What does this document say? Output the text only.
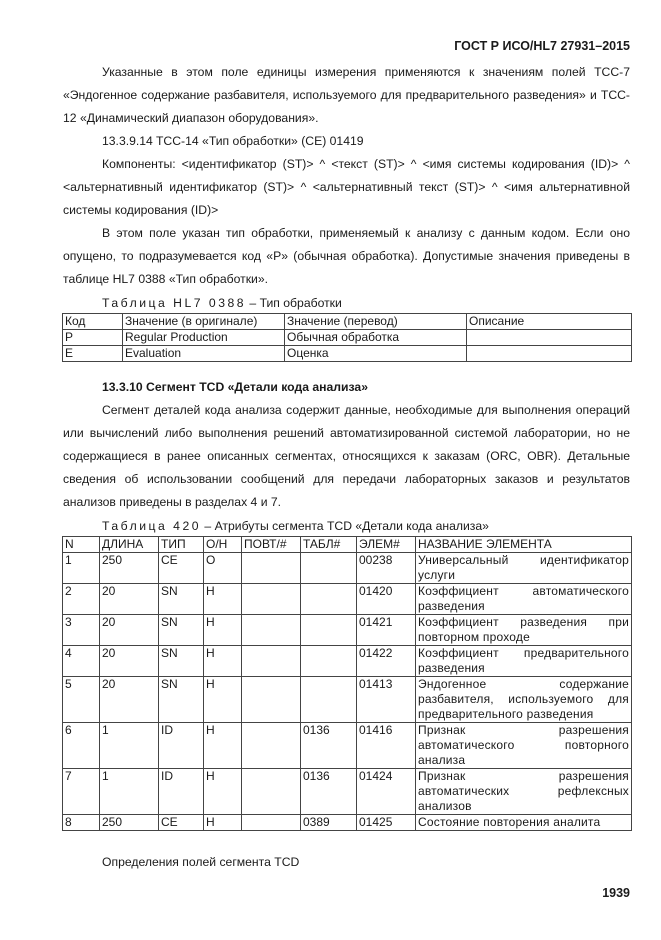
ГОСТ Р ИСО/HL7 27931–2015

Указанные в этом поле единицы измерения применяются к значениям полей TCC-7 «Эндогенное содержание разбавителя, используемого для предварительного разведения» и TCC-12 «Динамический диапазон оборудования».

13.3.9.14 TCC-14 «Тип обработки» (CE) 01419

Компоненты: <идентификатор (ST)> ^ <текст (ST)> ^ <имя системы кодирования (ID)> ^ <альтернативный идентификатор (ST)> ^ <альтернативный текст (ST)> ^ <имя альтернативной системы кодирования (ID)>

В этом поле указан тип обработки, применяемый к анализу с данным кодом. Если оно опущено, то подразумевается код «P» (обычная обработка). Допустимые значения приведены в таблице HL7 0388 «Тип обработки».

Таблица HL7 0388 – Тип обработки
Код	Значение (в оригинале)	Значение (перевод)	Описание
P	Regular Production	Обычная обработка	
E	Evaluation	Оценка	

13.3.10 Сегмент TCD «Детали кода анализа»

Сегмент деталей кода анализа содержит данные, необходимые для выполнения операций или вычислений либо выполнения решений автоматизированной системой лаборатории, но не содержащиеся в ранее описанных сегментах, относящихся к заказам (ORC, OBR). Детальные сведения об использовании сообщений для передачи лабораторных заказов и результатов анализов приведены в разделах 4 и 7.

Таблица 420 – Атрибуты сегмента TCD «Детали кода анализа»
N	ДЛИНА	ТИП	О/Н	ПОВТ/#	ТАБЛ#	ЭЛЕМ#	НАЗВАНИЕ ЭЛЕМЕНТА
1	250	CE	O			00238	Универсальный идентификатор услуги
2	20	SN	H			01420	Коэффициент автоматического разведения
3	20	SN	H			01421	Коэффициент разведения при повторном проходе
4	20	SN	H			01422	Коэффициент предварительного разведения
5	20	SN	H			01413	Эндогенное содержание разбавителя, используемого для предварительного разведения
6	1	ID	H		0136	01416	Признак разрешения автоматического повторного анализа
7	1	ID	H		0136	01424	Признак разрешения автоматических рефлексных анализов
8	250	CE	H		0389	01425	Состояние повторения аналита
Определения полей сегмента TCD
1939
